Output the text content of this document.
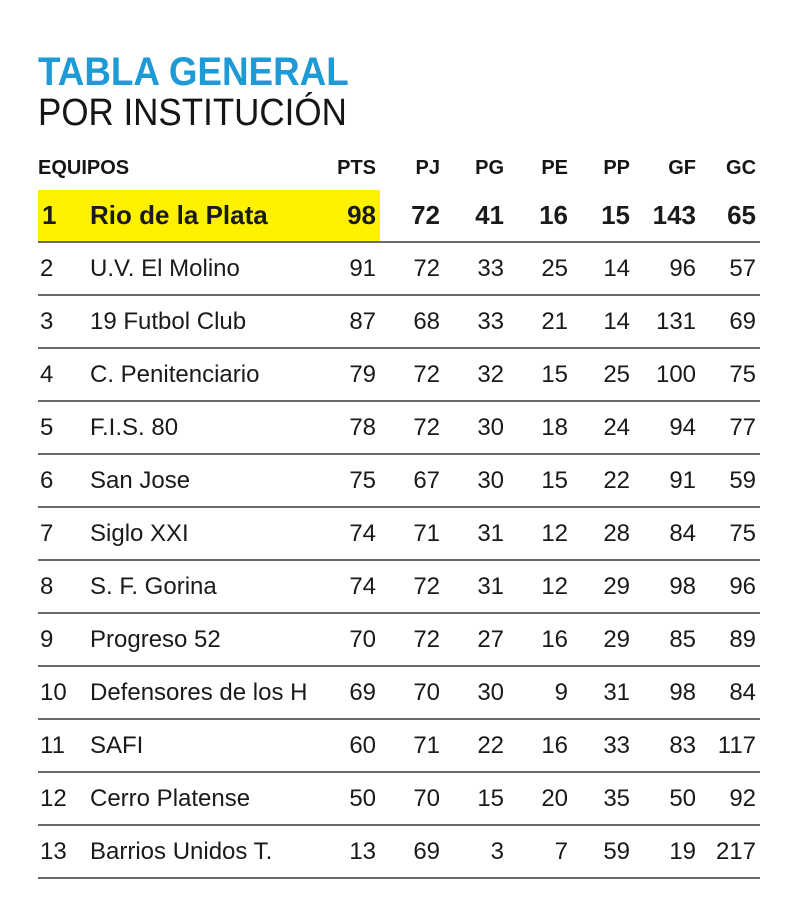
TABLA GENERAL
POR INSTITUCIÓN
EQUIPOS		PTS	PJ	PG	PE	PP	GF	GC
1	Rio de la Plata	98	72	41	16	15	143	65
2	U.V. El Molino	91	72	33	25	14	96	57
3	19 Futbol Club	87	68	33	21	14	131	69
4	C. Penitenciario	79	72	32	15	25	100	75
5	F.I.S. 80	78	72	30	18	24	94	77
6	San Jose	75	67	30	15	22	91	59
7	Siglo XXI	74	71	31	12	28	84	75
8	S. F. Gorina	74	72	31	12	29	98	96
9	Progreso 52	70	72	27	16	29	85	89
10	Defensores de los H	69	70	30	9	31	98	84
11	SAFI	60	71	22	16	33	83	117
12	Cerro Platense	50	70	15	20	35	50	92
13	Barrios Unidos T.	13	69	3	7	59	19	217
